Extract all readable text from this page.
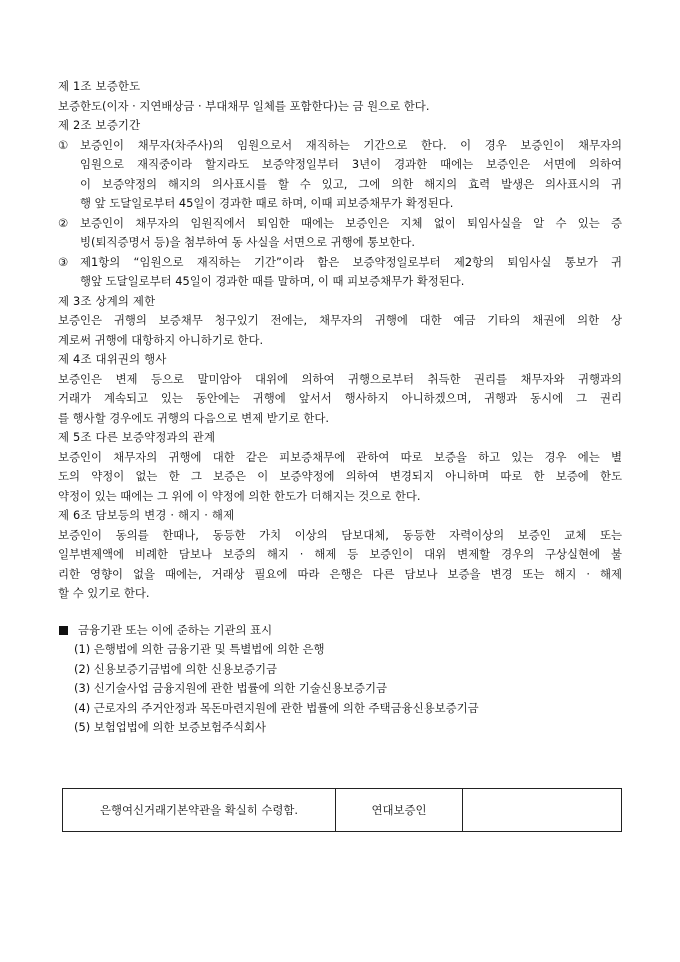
제 1조 보증한도
보증한도(이자 · 지연배상금 · 부대채무 일체를 포함한다)는 금 원으로 한다.
제 2조 보증기간
①	보증인이 채무자(차주사)의 임원으로서 재직하는 기간으로 한다. 이 경우 보증인이 채무자의
임원으로 재직중이라 할지라도 보증약정일부터 3년이 경과한 때에는 보증인은 서면에 의하여
이 보증약정의 해지의 의사표시를 할 수 있고, 그에 의한 해지의 효력 발생은 의사표시의 귀
행 앞 도달일로부터 45일이 경과한 때로 하며, 이때 피보증채무가 확정된다.
②	보증인이 채무자의 임원직에서 퇴임한 때에는 보증인은 지체 없이 퇴임사실을 알 수 있는 증
빙(퇴직증명서 등)을 첨부하여 동 사실을 서면으로 귀행에 통보한다.
③	제1항의 “임원으로 재직하는 기간”이라 함은 보증약정일로부터 제2항의 퇴임사실 통보가 귀
행앞 도달일로부터 45일이 경과한 때를 말하며, 이 때 피보증채무가 확정된다.
제 3조 상계의 제한
보증인은 귀행의 보증채무 청구있기 전에는, 채무자의 귀행에 대한 예금 기타의 채권에 의한 상
계로써 귀행에 대항하지 아니하기로 한다.
제 4조 대위권의 행사
보증인은 변제 등으로 말미암아 대위에 의하여 귀행으로부터 취득한 권리를 채무자와 귀행과의
거래가 계속되고 있는 동안에는 귀행에 앞서서 행사하지 아니하겠으며, 귀행과 동시에 그 권리
를 행사할 경우에도 귀행의 다음으로 변제 받기로 한다.
제 5조 다른 보증약정과의 관계
보증인이 채무자의 귀행에 대한 같은 피보증채무에 관하여 따로 보증을 하고 있는 경우 에는 별
도의 약정이 없는 한 그 보증은 이 보증약정에 의하여 변경되지 아니하며 따로 한 보증에 한도
약정이 있는 때에는 그 위에 이 약정에 의한 한도가 더해지는 것으로 한다.
제 6조 담보등의 변경 · 해지 · 해제
보증인이 동의를 한때나, 동등한 가치 이상의 담보대체, 동등한 자력이상의 보증인 교체 또는
일부변제액에 비례한 담보나 보증의 해지 · 해제 등 보증인이 대위 변제할 경우의 구상실현에 불
리한 영향이 없을 때에는, 거래상 필요에 따라 은행은 다른 담보나 보증을 변경 또는 해지 · 해제
할 수 있기로 한다.
금융기관 또는 이에 준하는 기관의 표시
(1) 은행법에 의한 금융기관 및 특별법에 의한 은행
(2) 신용보증기금법에 의한 신용보증기금
(3) 신기술사업 금융지원에 관한 법률에 의한 기술신용보증기금
(4) 근로자의 주거안정과 목돈마련지원에 관한 법률에 의한 주택금융신용보증기금
(5) 보험업법에 의한 보증보험주식회사
은행여신거래기본약관을 확실히 수령함.	연대보증인
